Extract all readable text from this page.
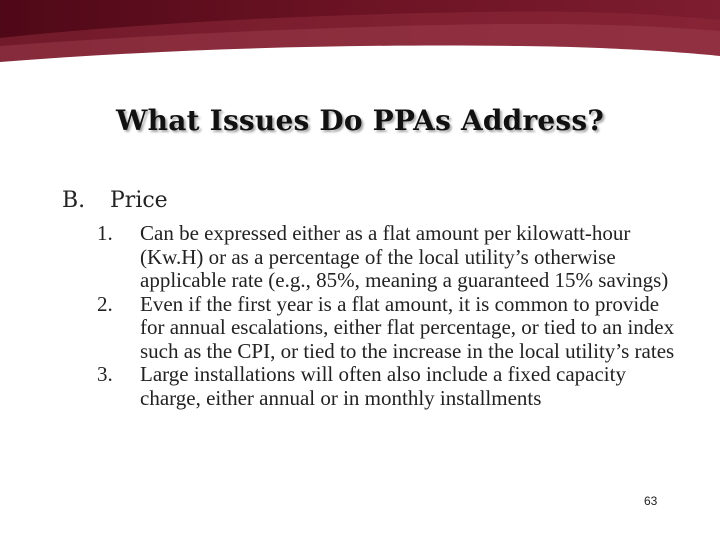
What Issues Do PPAs Address?
B. Price
1. Can be expressed either as a flat amount per kilowatt-hour (Kw.H) or as a percentage of the local utility’s otherwise applicable rate (e.g., 85%, meaning a guaranteed 15% savings)
2. Even if the first year is a flat amount, it is common to provide for annual escalations, either flat percentage, or tied to an index such as the CPI, or tied to the increase in the local utility’s rates
3. Large installations will often also include a fixed capacity charge, either annual or in monthly installments
63
